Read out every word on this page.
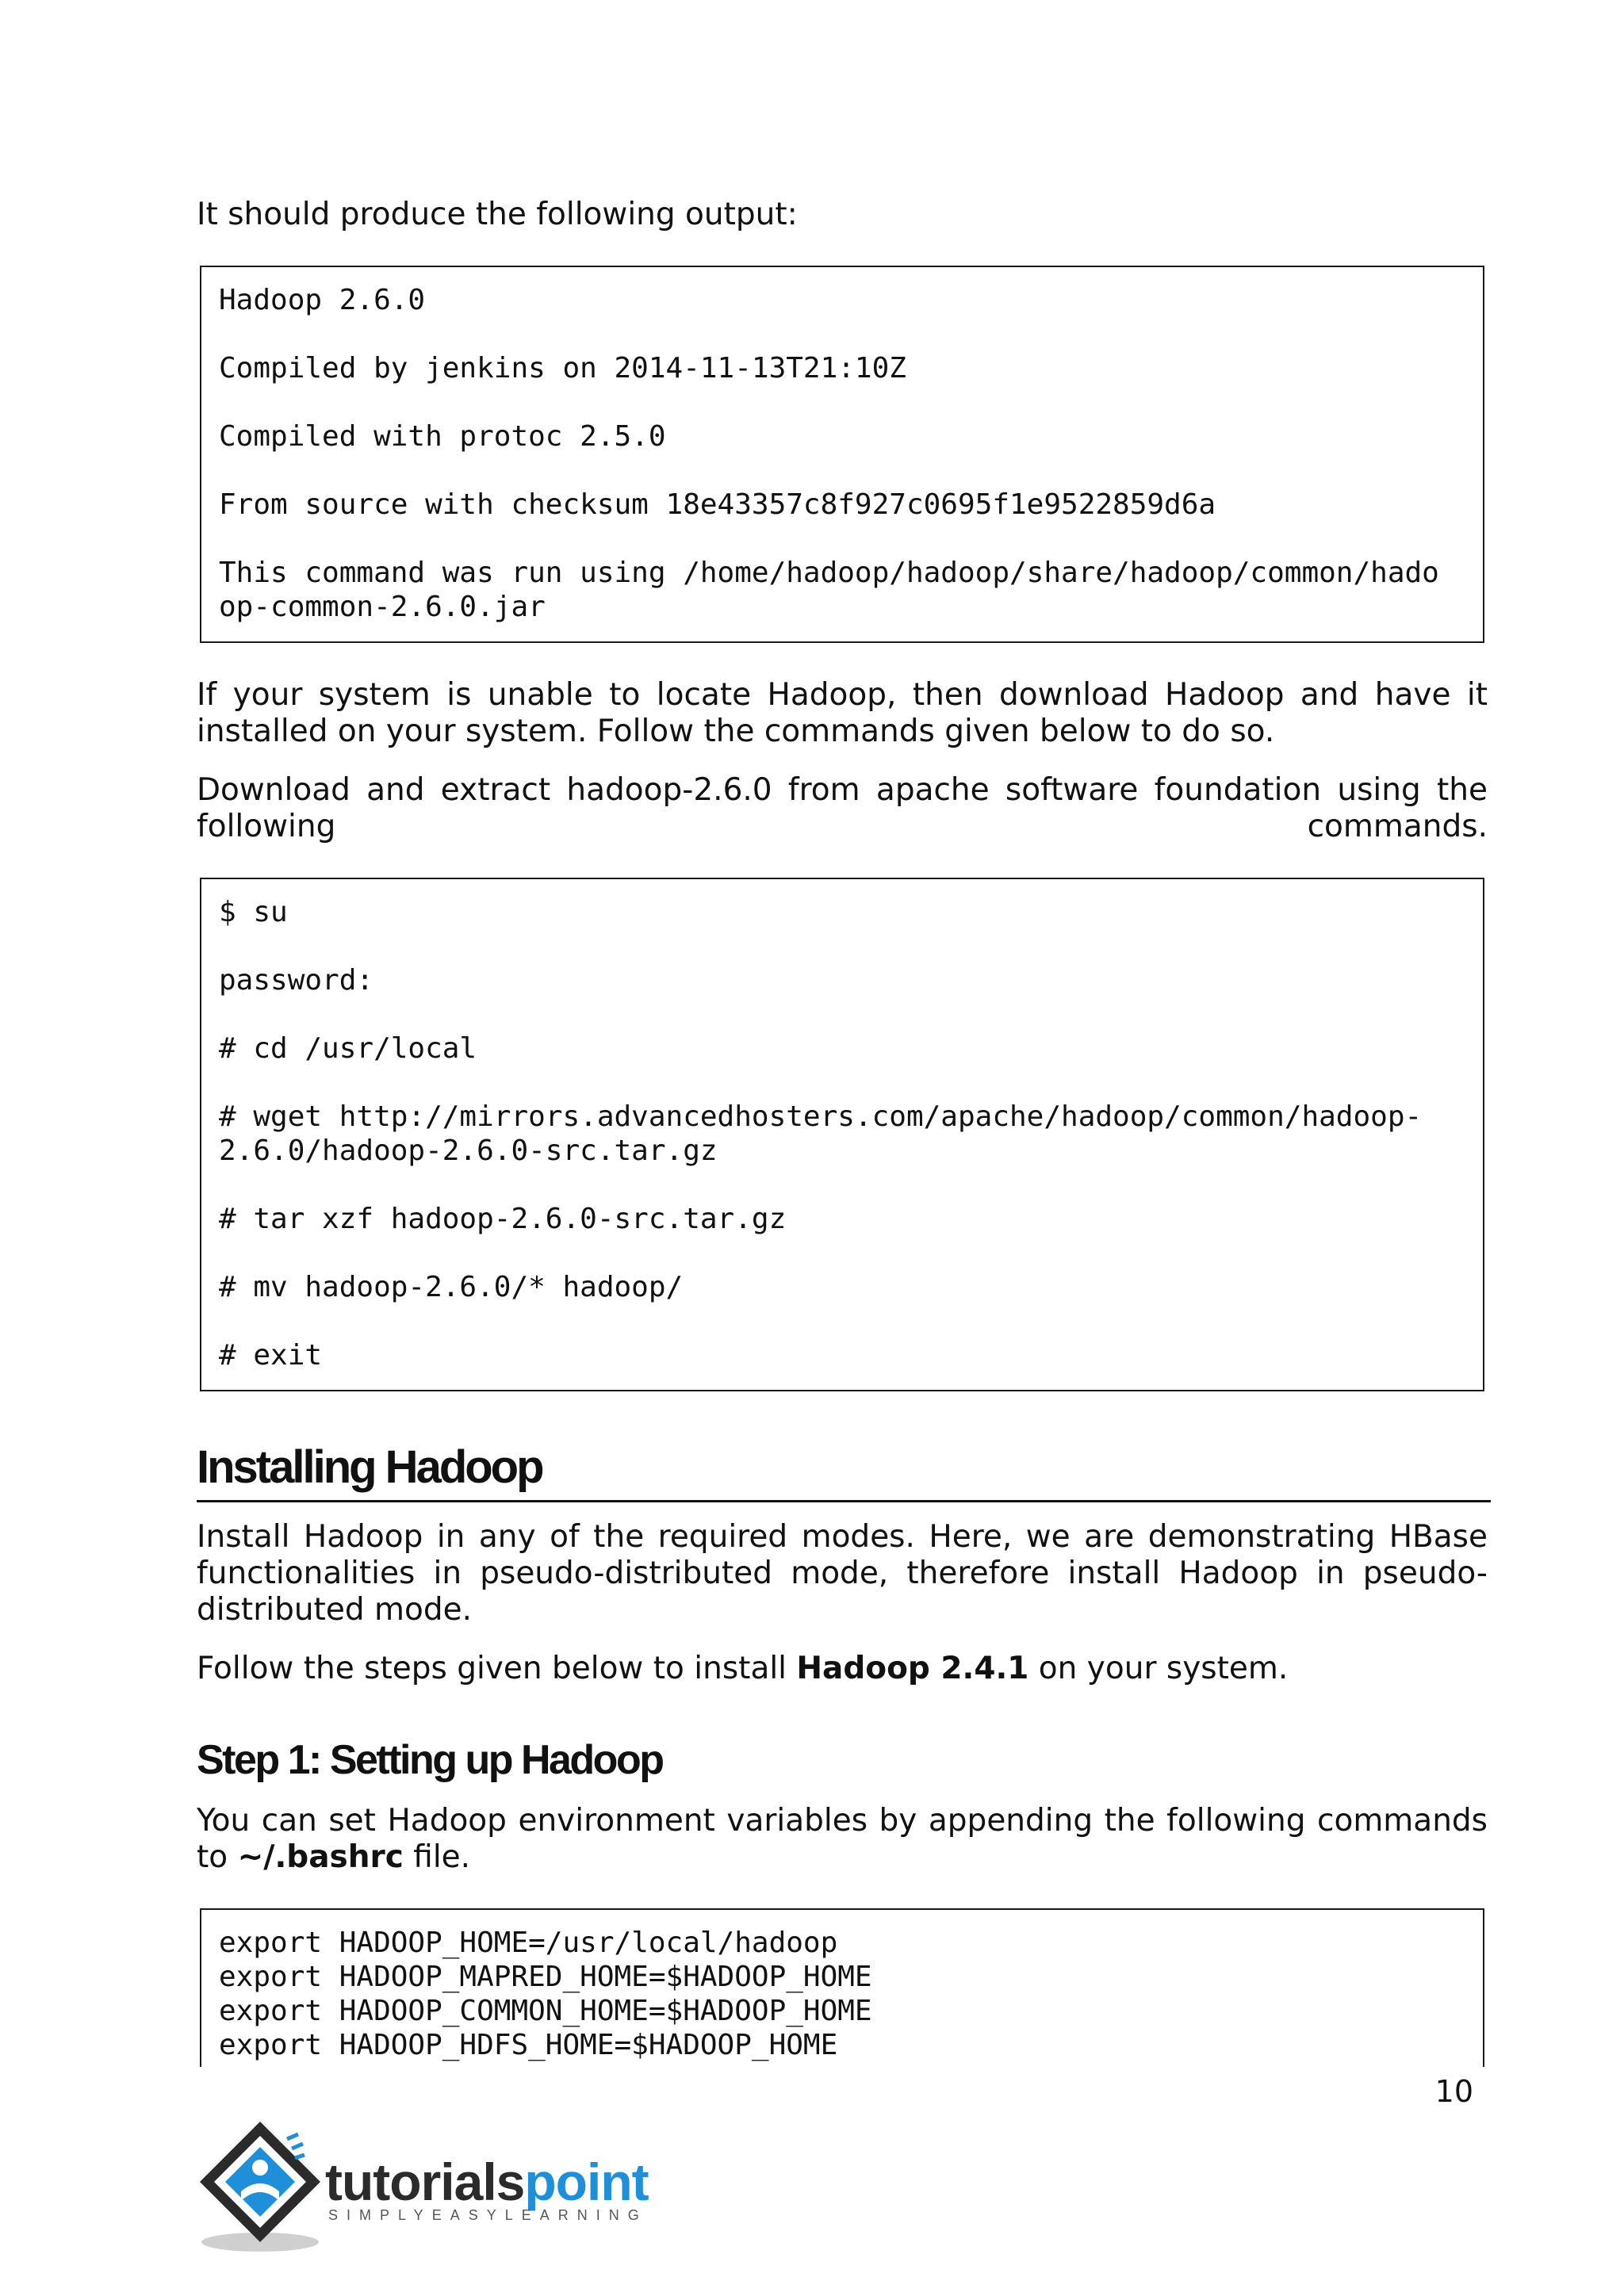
It should produce the following output:

Hadoop 2.6.0

Compiled by jenkins on 2014-11-13T21:10Z

Compiled with protoc 2.5.0

From source with checksum 18e43357c8f927c0695f1e9522859d6a

This command was run using /home/hadoop/hadoop/share/hadoop/common/hadoop-common-2.6.0.jar

If your system is unable to locate Hadoop, then download Hadoop and have it installed on your system. Follow the commands given below to do so.

Download and extract hadoop-2.6.0 from apache software foundation using the following commands.

$ su

password:

# cd /usr/local

# wget http://mirrors.advancedhosters.com/apache/hadoop/common/hadoop-2.6.0/hadoop-2.6.0-src.tar.gz

# tar xzf hadoop-2.6.0-src.tar.gz

# mv hadoop-2.6.0/* hadoop/

# exit

Installing Hadoop

Install Hadoop in any of the required modes. Here, we are demonstrating HBase functionalities in pseudo-distributed mode, therefore install Hadoop in pseudo-distributed mode.

Follow the steps given below to install Hadoop 2.4.1 on your system.

Step 1: Setting up Hadoop

You can set Hadoop environment variables by appending the following commands to ~/.bashrc file.

export HADOOP_HOME=/usr/local/hadoop

export HADOOP_MAPRED_HOME=$HADOOP_HOME

export HADOOP_COMMON_HOME=$HADOOP_HOME

export HADOOP_HDFS_HOME=$HADOOP_HOME

10
tutorialspoint
SIMPLYEASYLEARNING
